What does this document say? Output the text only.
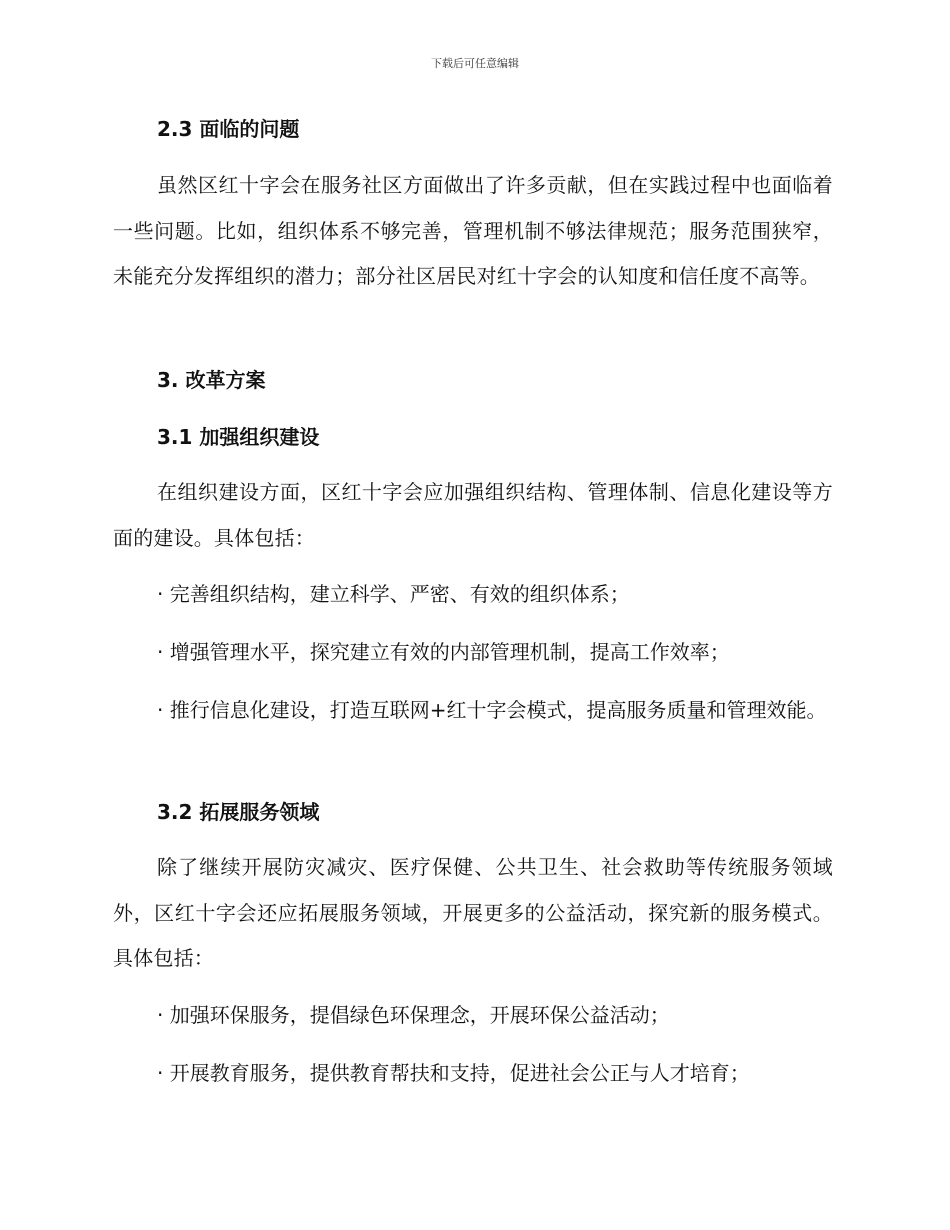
下载后可任意编辑
2.3 面临的问题
虽然区红十字会在服务社区方面做出了许多贡献，但在实践过程中也面临着一些问题。比如，组织体系不够完善，管理机制不够法律规范；服务范围狭窄，未能充分发挥组织的潜力；部分社区居民对红十字会的认知度和信任度不高等。
3. 改革方案
3.1 加强组织建设
在组织建设方面，区红十字会应加强组织结构、管理体制、信息化建设等方面的建设。具体包括：
· 完善组织结构，建立科学、严密、有效的组织体系；
· 增强管理水平，探究建立有效的内部管理机制，提高工作效率；
· 推行信息化建设，打造互联网+红十字会模式，提高服务质量和管理效能。
3.2 拓展服务领域
除了继续开展防灾减灾、医疗保健、公共卫生、社会救助等传统服务领域外，区红十字会还应拓展服务领域，开展更多的公益活动，探究新的服务模式。具体包括：
· 加强环保服务，提倡绿色环保理念，开展环保公益活动；
· 开展教育服务，提供教育帮扶和支持，促进社会公正与人才培育；
